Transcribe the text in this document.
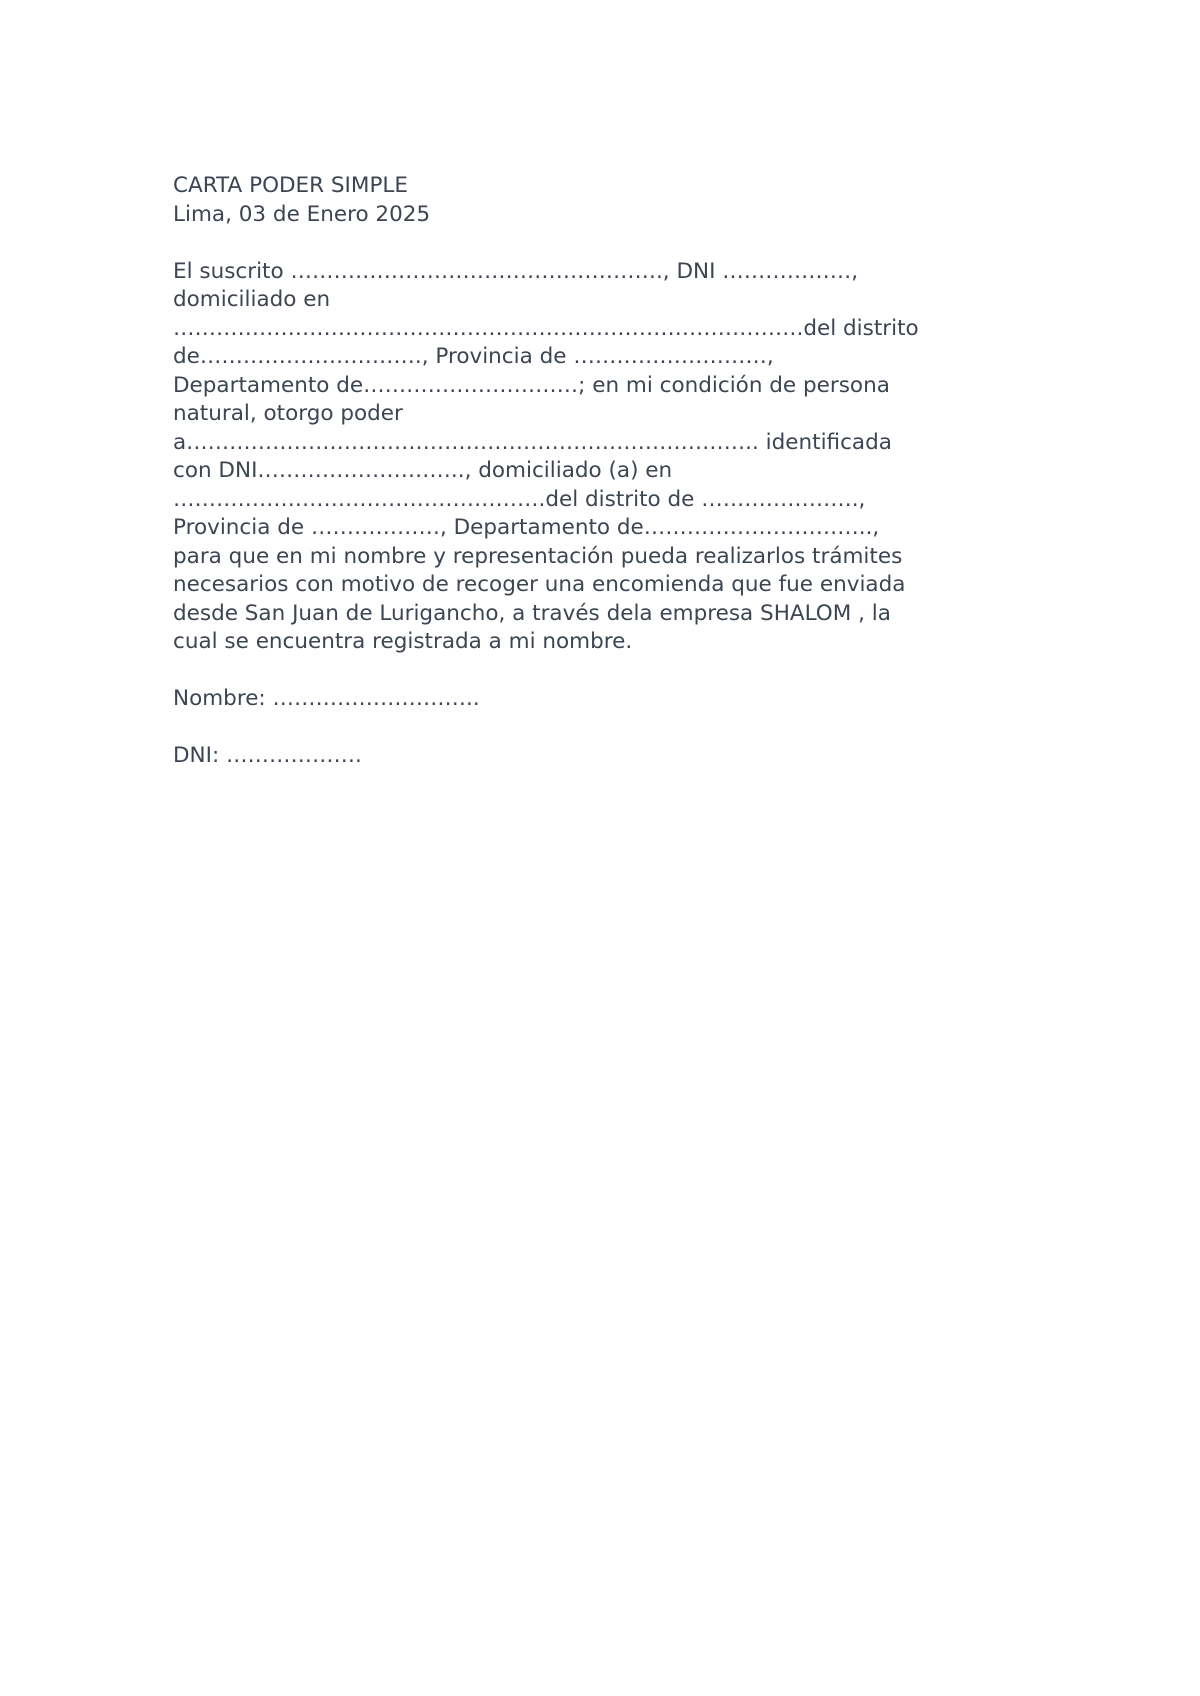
CARTA PODER SIMPLE

Lima, 03 de Enero 2025

El suscrito ……………………………………………., DNI ………………,

domiciliado en

…………………………………………………………………………….del distrito

de…………………………., Provincia de ………………………,

Departamento de…………………………; en mi condición de persona

natural, otorgo poder

a…………………………………………………………………….. identificada

con DNI……………………….., domiciliado (a) en

…………………………………………….del distrito de ………………….,

Provincia de ………………, Departamento de…………………………..,

para que en mi nombre y representación pueda realizarlos trámites

necesarios con motivo de recoger una encomienda que fue enviada

desde San Juan de Lurigancho, a través dela empresa SHALOM , la

cual se encuentra registrada a mi nombre.

Nombre: ………………………..

DNI: ……………….
